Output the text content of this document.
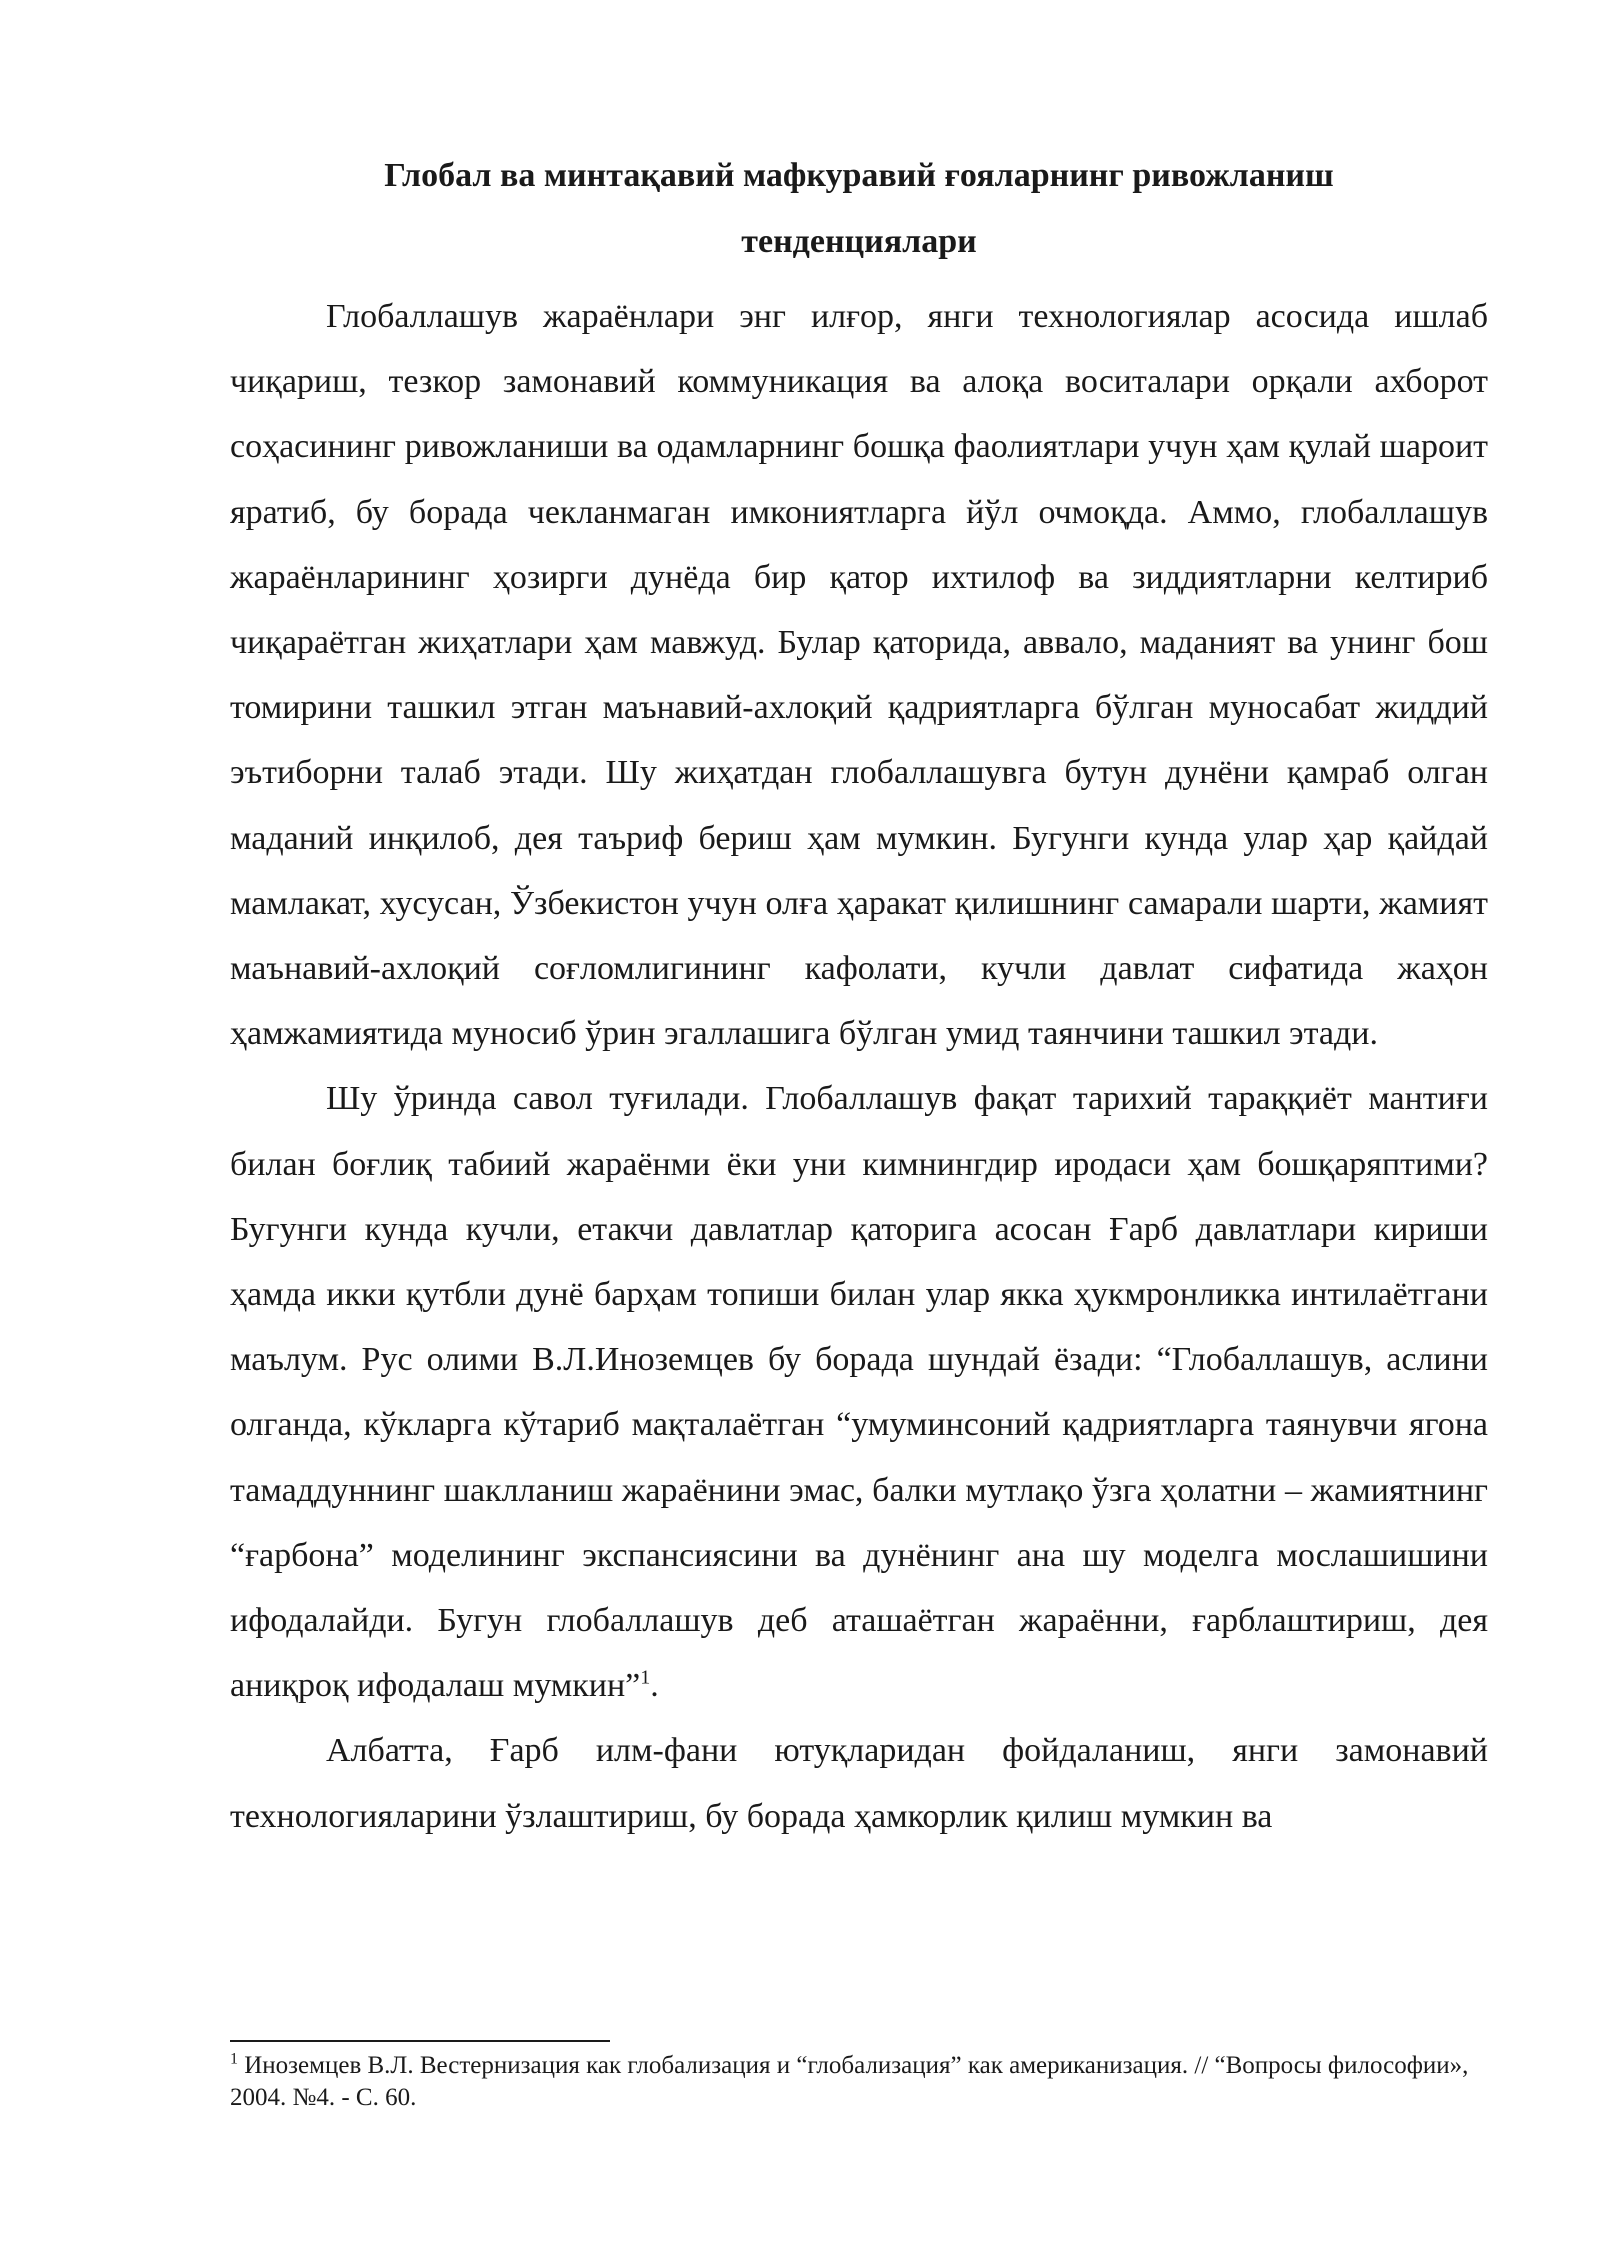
Глобал ва минтақавий мафкуравий ғояларнинг ривожланиш
тенденциялари

Глобаллашув жараёнлари энг илғор, янги технологиялар асосида ишлаб чиқариш, тезкор замонавий коммуникация ва алоқа воситалари орқали ахборот соҳасининг ривожланиши ва одамларнинг бошқа фаолиятлари учун ҳам қулай шароит яратиб, бу борада чекланмаган имкониятларга йўл очмоқда. Аммо, глобаллашув жараёнларининг ҳозирги дунёда бир қатор ихтилоф ва зиддиятларни келтириб чиқараётган жиҳатлари ҳам мавжуд. Булар қаторида, аввало, маданият ва унинг бош томирини ташкил этган маънавий-ахлоқий қадриятларга бўлган муносабат жиддий эътиборни талаб этади. Шу жиҳатдан глобаллашувга бутун дунёни қамраб олган маданий инқилоб, дея таъриф бериш ҳам мумкин. Бугунги кунда улар ҳар қайдай мамлакат, хусусан, Ўзбекистон учун олға ҳаракат қилишнинг самарали шарти, жамият маънавий-ахлоқий соғломлигининг кафолати, кучли давлат сифатида жаҳон ҳамжамиятида муносиб ўрин эгаллашига бўлган умид таянчини ташкил этади.

Шу ўринда савол туғилади. Глобаллашув фақат тарихий тараққиёт мантиғи билан боғлиқ табиий жараёнми ёки уни кимнингдир иродаси ҳам бошқаряптими? Бугунги кунда кучли, етакчи давлатлар қаторига асосан Ғарб давлатлари кириши ҳамда икки қутбли дунё барҳам топиши билан улар якка ҳукмронликка интилаётгани маълум. Рус олими В.Л.Иноземцев бу борада шундай ёзади: “Глобаллашув, аслини олганда, кўкларга кўтариб мақталаётган “умуминсоний қадриятларга таянувчи ягона тамаддуннинг шаклланиш жараёнини эмас, балки мутлақо ўзга ҳолатни – жамиятнинг “ғарбона” моделининг экспансиясини ва дунёнинг ана шу моделга мослашишини ифодалайди. Бугун глобаллашув деб аташаётган жараённи, ғарблаштириш, дея аниқроқ ифодалаш мумкин”$^1$.

Албатта, Ғарб илм-фани ютуқларидан фойдаланиш, янги замонавий технологияларини ўзлаштириш, бу борада ҳамкорлик қилиш мумкин ва

$^1$ Иноземцев В.Л. Вестернизация как глобализация и “глобализация” как американизация. // “Вопросы философии», 2004. №4. - С. 60.
